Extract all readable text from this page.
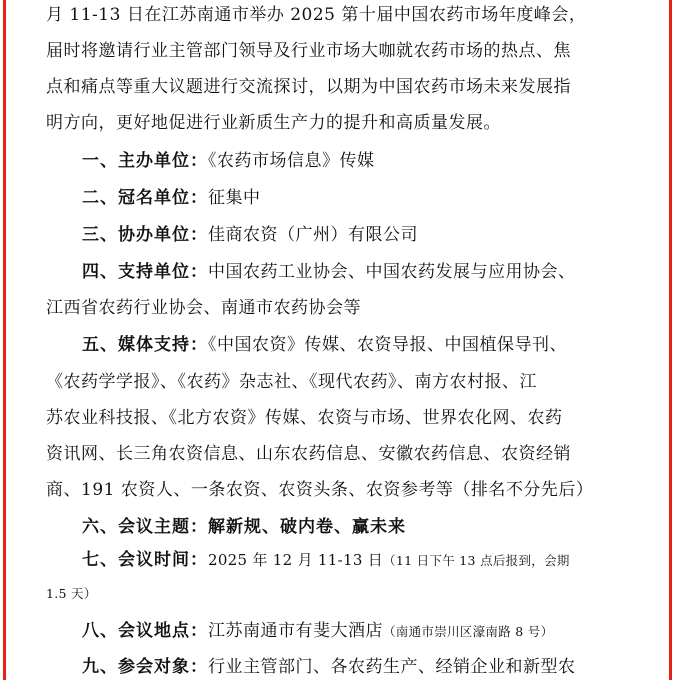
月 11-13 日在江苏南通市举办 2025 第十届中国农药市场年度峰会，
届时将邀请行业主管部门领导及行业市场大咖就农药市场的热点、焦
点和痛点等重大议题进行交流探讨，以期为中国农药市场未来发展指
明方向，更好地促进行业新质生产力的提升和高质量发展。
一、主办单位：《农药市场信息》传媒
二、冠名单位：征集中
三、协办单位：佳商农资（广州）有限公司
四、支持单位：中国农药工业协会、中国农药发展与应用协会、
江西省农药行业协会、南通市农药协会等
五、媒体支持：《中国农资》传媒、农资导报、中国植保导刊、
《农药学学报》、《农药》杂志社、《现代农药》、南方农村报、江
苏农业科技报、《北方农资》传媒、农资与市场、世界农化网、农药
资讯网、长三角农资信息、山东农药信息、安徽农药信息、农资经销
商、191 农资人、一条农资、农资头条、农资参考等（排名不分先后）
六、会议主题：解新规、破内卷、赢未来
七、会议时间：2025 年 12 月 11-13 日（11 日下午 13 点后报到，会期
1.5 天）
八、会议地点：江苏南通市有斐大酒店（南通市崇川区濠南路 8 号）
九、参会对象：行业主管部门、各农药生产、经销企业和新型农
